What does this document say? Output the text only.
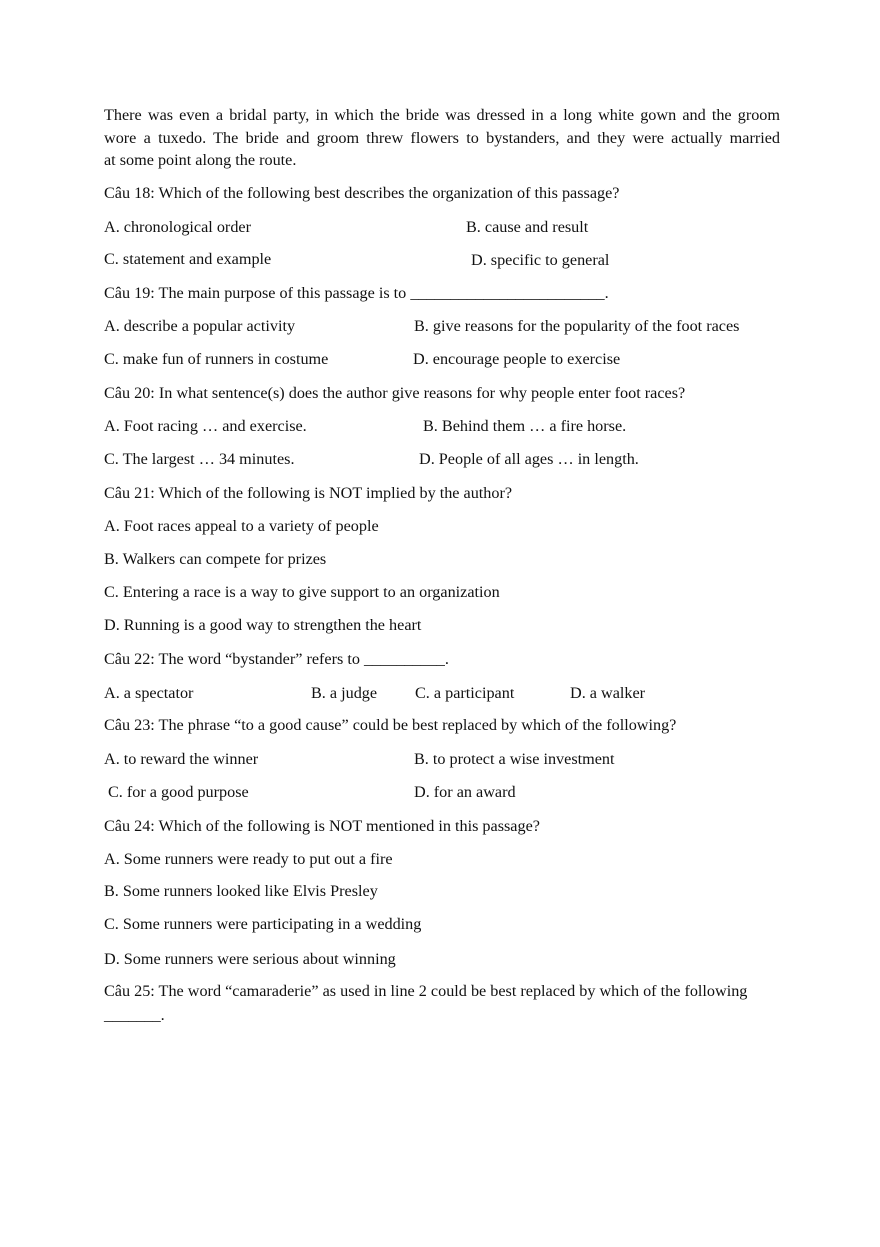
There was even a bridal party, in which the bride was dressed in a long white gown and the groom
wore a tuxedo. The bride and groom threw flowers to bystanders, and they were actually married
at some point along the route.
Câu 18: Which of the following best describes the organization of this passage?
A. chronological order	B. cause and result
C. statement and example	D. specific to general
Câu 19: The main purpose of this passage is to ________________________.
A. describe a popular activity	B. give reasons for the popularity of the foot races
C. make fun of runners in costume	D. encourage people to exercise
Câu 20: In what sentence(s) does the author give reasons for why people enter foot races?
A. Foot racing … and exercise.	B. Behind them … a fire horse.
C. The largest … 34 minutes.	D. People of all ages … in length.
Câu 21: Which of the following is NOT implied by the author?
A. Foot races appeal to a variety of people
B. Walkers can compete for prizes
C. Entering a race is a way to give support to an organization
D. Running is a good way to strengthen the heart
Câu 22: The word “bystander” refers to __________.
A. a spectator	B. a judge C. a participant	D. a walker
Câu 23: The phrase “to a good cause” could be best replaced by which of the following?
A. to reward the winner	B. to protect a wise investment
C. for a good purpose	D. for an award
Câu 24: Which of the following is NOT mentioned in this passage?
A. Some runners were ready to put out a fire
B. Some runners looked like Elvis Presley
C. Some runners were participating in a wedding
D. Some runners were serious about winning
Câu 25: The word “camaraderie” as used in line 2 could be best replaced by which of the following
_______.
